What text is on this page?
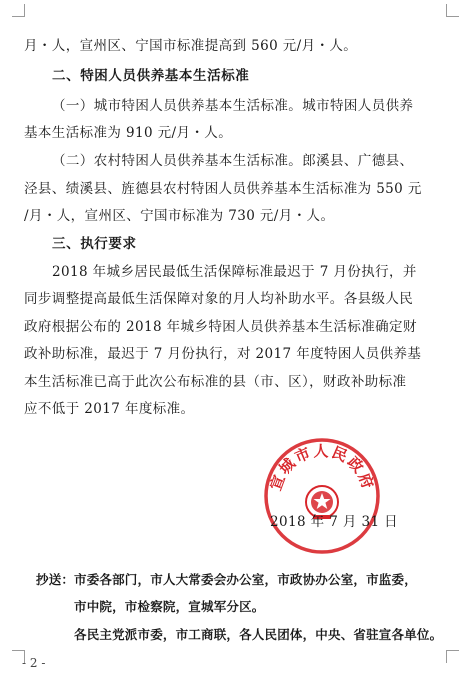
月・人，宣州区、宁国市标准提高到 560 元/月・人。
二、特困人员供养基本生活标准
（一）城市特困人员供养基本生活标准。城市特困人员供养
基本生活标准为 910 元/月・人。
（二）农村特困人员供养基本生活标准。郎溪县、广德县、
泾县、绩溪县、旌德县农村特困人员供养基本生活标准为 550 元
/月・人，宣州区、宁国市标准为 730 元/月・人。
三、执行要求
2018 年城乡居民最低生活保障标准最迟于 7 月份执行，并
同步调整提高最低生活保障对象的月人均补助水平。各县级人民
政府根据公布的 2018 年城乡特困人员供养基本生活标准确定财
政补助标准，最迟于 7 月份执行，对 2017 年度特困人员供养基
本生活标准已高于此次公布标准的县（市、区），财政补助标准
应不低于 2017 年度标准。
宣城市人民政府
2018 年 7 月 31 日
抄送： 市委各部门，市人大常委会办公室，市政协办公室，市监委，
市中院，市检察院，宣城军分区。
各民主党派市委，市工商联，各人民团体，中央、省驻宣各单位。
- 2 -
